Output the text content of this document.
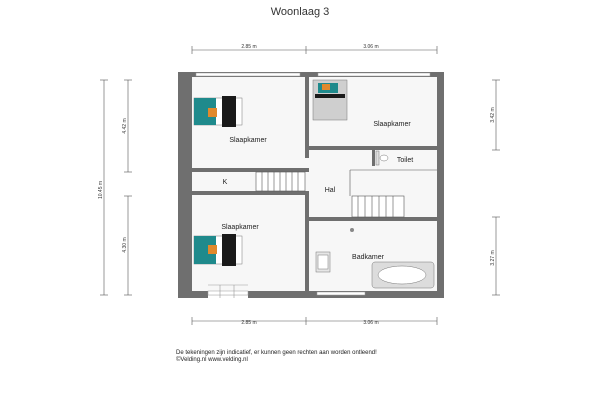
Woonlaag 3
2.85 m	3.06 m
2.85 m	3.06 m
10.45 m
4.42 m
4.30 m
3.42 m
3.27 m
Slaapkamer
Slaapkamer
Toilet
K
Hal
Slaapkamer
Badkamer
De tekeningen zijn indicatief, er kunnen geen rechten aan worden ontleend!
©Velding.nl www.velding.nl
